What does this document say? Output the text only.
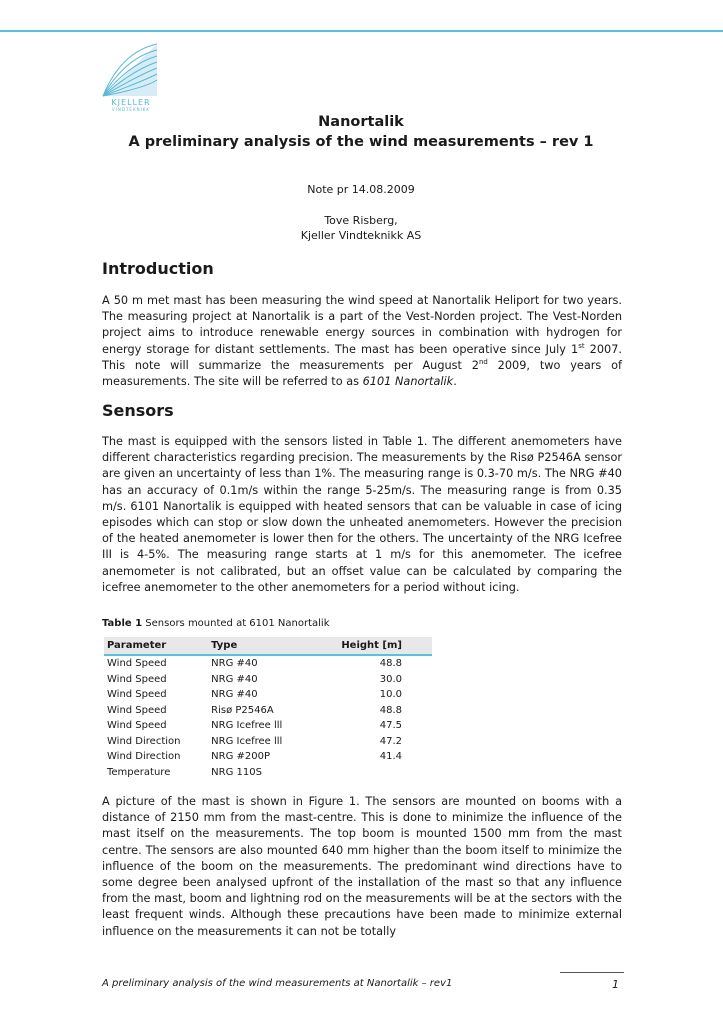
KJELLER
VINDTEKNIKK
Nanortalik
A preliminary analysis of the wind measurements – rev 1
Note pr 14.08.2009
Tove Risberg,
Kjeller Vindteknikk AS
Introduction

A 50 m met mast has been measuring the wind speed at Nanortalik Heliport for two years. The measuring project at Nanortalik is a part of the Vest-Norden project. The Vest-Norden project aims to introduce renewable energy sources in combination with hydrogen for energy storage for distant settlements. The mast has been operative since July 1st 2007. This note will summarize the measurements per August 2nd 2009, two years of measurements. The site will be referred to as 6101 Nanortalik.

Sensors

The mast is equipped with the sensors listed in Table 1. The different anemometers have different characteristics regarding precision. The measurements by the Risø P2546A sensor are given an uncertainty of less than 1%. The measuring range is 0.3-70 m/s. The NRG #40 has an accuracy of 0.1m/s within the range 5-25m/s. The measuring range is from 0.35 m/s. 6101 Nanortalik is equipped with heated sensors that can be valuable in case of icing episodes which can stop or slow down the unheated anemometers. However the precision of the heated anemometer is lower then for the others. The uncertainty of the NRG Icefree III is 4-5%. The measuring range starts at 1 m/s for this anemometer. The icefree anemometer is not calibrated, but an offset value can be calculated by comparing the icefree anemometer to the other anemometers for a period without icing.

Table 1 Sensors mounted at 6101 Nanortalik
Parameter	Type	Height [m]
Wind Speed	NRG #40	48.8
Wind Speed	NRG #40	30.0
Wind Speed	NRG #40	10.0
Wind Speed	Risø P2546A	48.8
Wind Speed	NRG Icefree lll	47.5
Wind Direction	NRG Icefree lll	47.2
Wind Direction	NRG #200P	41.4
Temperature	NRG 110S	

A picture of the mast is shown in Figure 1. The sensors are mounted on booms with a distance of 2150 mm from the mast-centre. This is done to minimize the influence of the mast itself on the measurements. The top boom is mounted 1500 mm from the mast centre. The sensors are also mounted 640 mm higher than the boom itself to minimize the influence of the boom on the measurements. The predominant wind directions have to some degree been analysed upfront of the installation of the mast so that any influence from the mast, boom and lightning rod on the measurements will be at the sectors with the least frequent winds. Although these precautions have been made to minimize external influence on the measurements it can not be totally

A preliminary analysis of the wind measurements at Nanortalik – rev1	1
